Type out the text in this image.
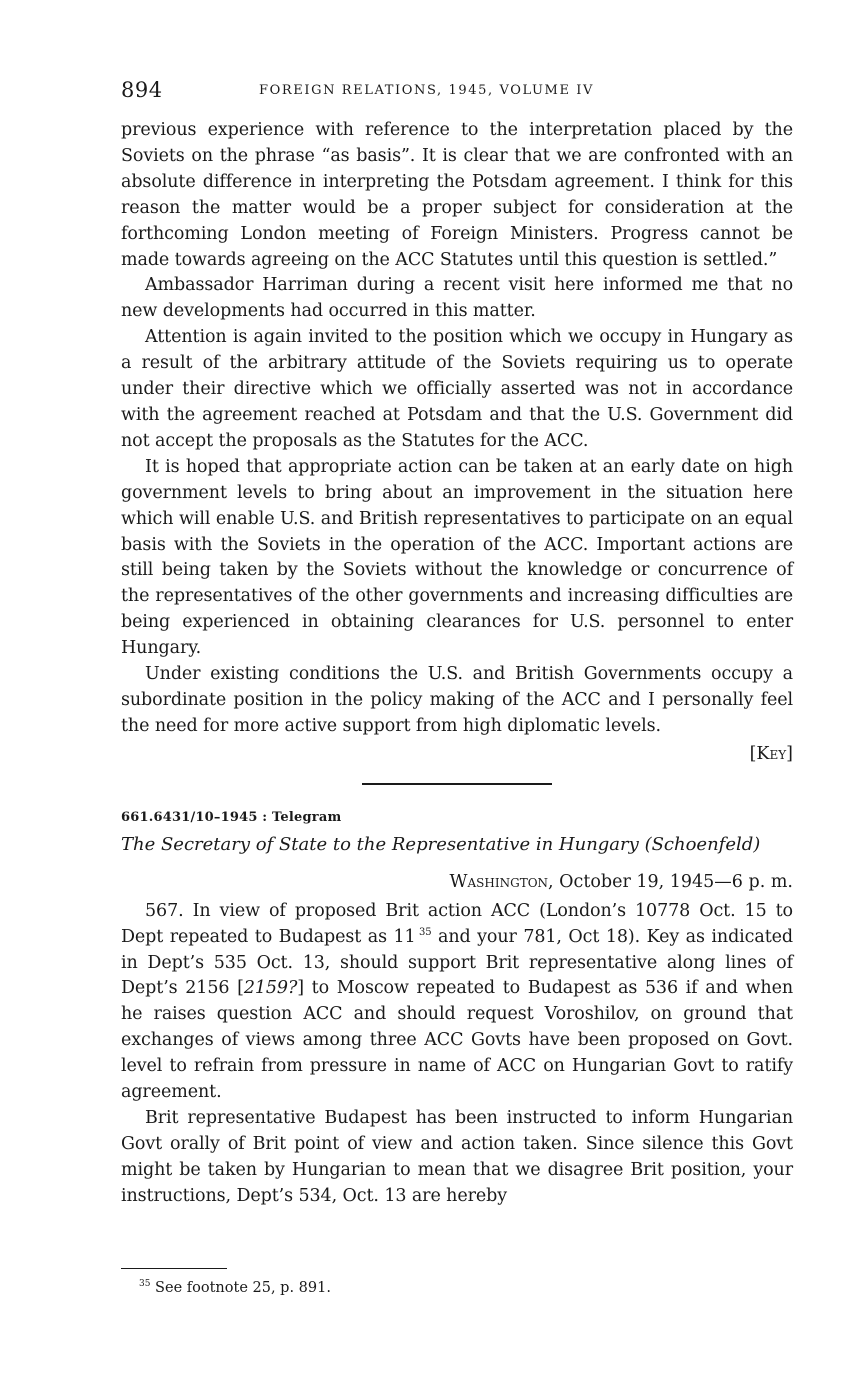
894	FOREIGN RELATIONS, 1945, VOLUME IV

previous experience with reference to the interpretation placed by the Soviets on the phrase “as basis”. It is clear that we are confronted with an absolute difference in interpreting the Potsdam agreement. I think for this reason the matter would be a proper subject for consideration at the forthcoming London meeting of Foreign Ministers. Progress cannot be made towards agreeing on the ACC Statutes until this question is settled.”

Ambassador Harriman during a recent visit here informed me that no new developments had occurred in this matter.

Attention is again invited to the position which we occupy in Hungary as a result of the arbitrary attitude of the Soviets requiring us to operate under their directive which we officially asserted was not in accordance with the agreement reached at Potsdam and that the U.S. Government did not accept the proposals as the Statutes for the ACC.

It is hoped that appropriate action can be taken at an early date on high government levels to bring about an improvement in the situation here which will enable U.S. and British representatives to participate on an equal basis with the Soviets in the operation of the ACC. Important actions are still being taken by the Soviets without the knowledge or concurrence of the representatives of the other governments and increasing difficulties are being experienced in obtaining clearances for U.S. personnel to enter Hungary.

Under existing conditions the U.S. and British Governments occupy a subordinate position in the policy making of the ACC and I personally feel the need for more active support from high diplomatic levels.

[Key]
661.6431/10–1945 : Telegram
The Secretary of State to the Representative in Hungary (Schoenfeld)
Washington, October 19, 1945—6 p. m.

567. In view of proposed Brit action ACC (London’s 10778 Oct. 15 to Dept repeated to Budapest as 11  $^{35}$ and your 781, Oct 18). Key as indicated in Dept’s 535 Oct. 13, should support Brit representative along lines of Dept’s 2156 [2159?] to Moscow repeated to Budapest as 536 if and when he raises question ACC and should request Voroshilov, on ground that exchanges of views among three ACC Govts have been proposed on Govt. level to refrain from pressure in name of ACC on Hungarian Govt to ratify agreement.

Brit representative Budapest has been instructed to inform Hungarian Govt orally of Brit point of view and action taken. Since silence this Govt might be taken by Hungarian to mean that we disagree Brit position, your instructions, Dept’s 534, Oct. 13 are hereby

$^{35}$ See footnote 25, p. 891.
